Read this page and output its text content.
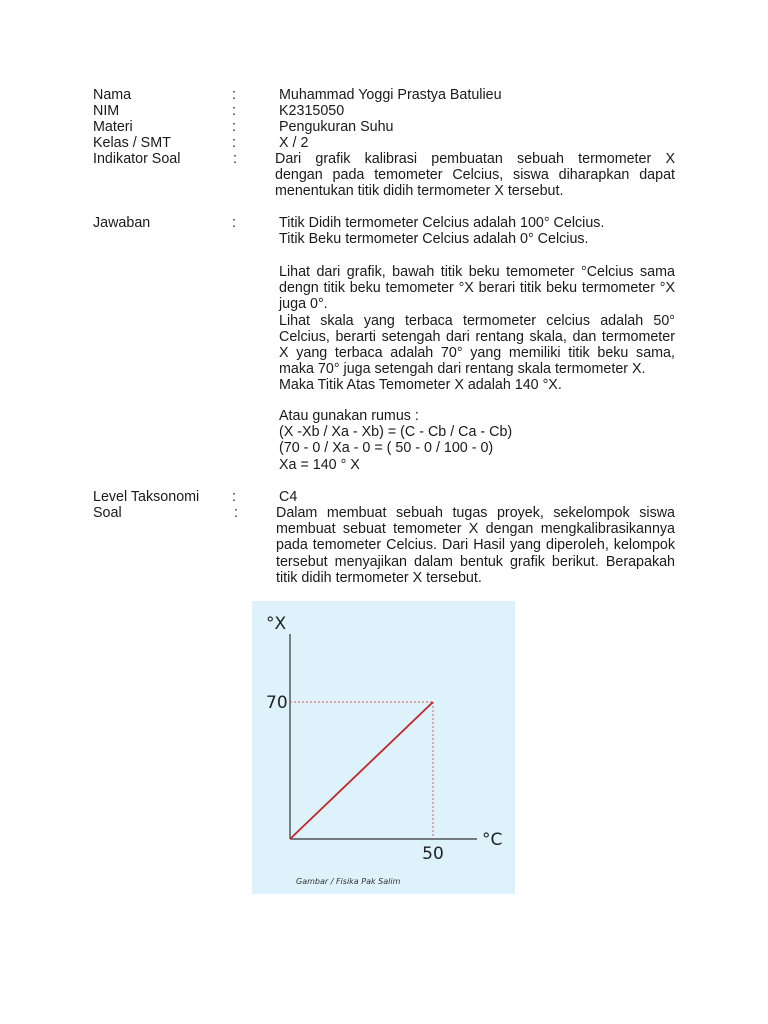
Nama	:	Muhammad Yoggi Prastya Batulieu
NIM	:	K2315050
Materi	:	Pengukuran Suhu
Kelas / SMT	:	X / 2
Indikator Soal	:	Dari grafik kalibrasi pembuatan sebuah termometer X
dengan pada temometer Celcius, siswa diharapkan dapat
menentukan titik didih termometer X tersebut.
Jawaban	:	Titik Didih termometer Celcius adalah 100° Celcius.
Titik Beku termometer Celcius adalah 0° Celcius.
Lihat dari grafik, bawah titik beku temometer °Celcius sama
dengn titik beku temometer °X berari titik beku termometer °X
juga 0°.
Lihat skala yang terbaca termometer celcius adalah 50°
Celcius, berarti setengah dari rentang skala, dan termometer
X yang terbaca adalah 70° yang memiliki titik beku sama,
maka 70° juga setengah dari rentang skala termometer X.
Maka Titik Atas Temometer X adalah 140 °X.
Atau gunakan rumus :
(X -Xb / Xa - Xb) = (C - Cb / Ca - Cb)
(70 - 0 / Xa - 0 = ( 50 - 0 / 100 - 0)
Xa = 140 ° X
Level Taksonomi :	C4
Soal	:	Dalam membuat sebuah tugas proyek, sekelompok siswa
membuat sebuat temometer X dengan mengkalibrasikannya
pada temometer Celcius. Dari Hasil yang diperoleh, kelompok
tersebut menyajikan dalam bentuk grafik berikut. Berapakah
titik didih termometer X tersebut.
°X
°C
70
50
Gambar / Fisika Pak Salim
